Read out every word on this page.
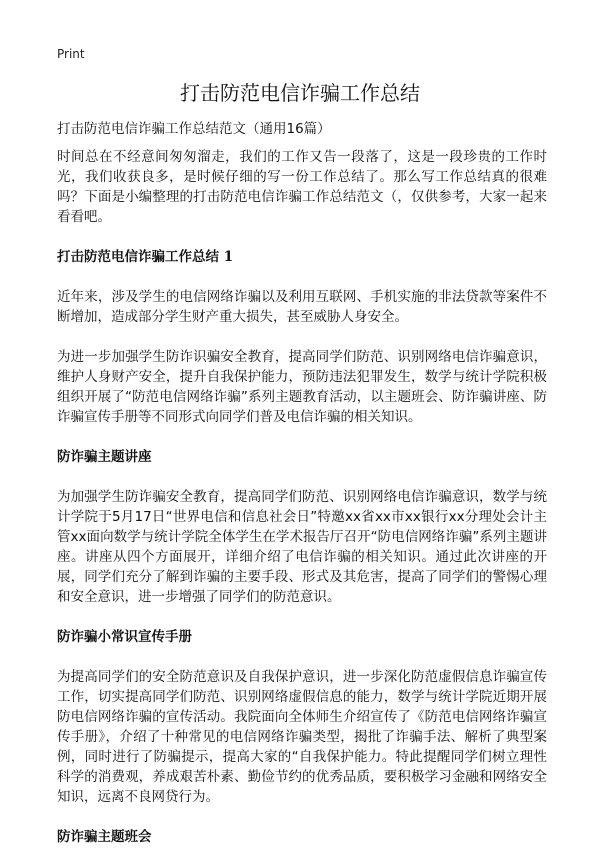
Print
打击防范电信诈骗工作总结

打击防范电信诈骗工作总结范文（通用16篇）

时间总在不经意间匆匆溜走，我们的工作又告一段落了，这是一段珍贵的工作时光，我们收获良多，是时候仔细的写一份工作总结了。那么写工作总结真的很难吗？下面是小编整理的打击防范电信诈骗工作总结范文（，仅供参考，大家一起来看看吧。

打击防范电信诈骗工作总结 1

近年来，涉及学生的电信网络诈骗以及利用互联网、手机实施的非法贷款等案件不断增加，造成部分学生财产重大损失，甚至威胁人身安全。

为进一步加强学生防诈识骗安全教育，提高同学们防范、识别网络电信诈骗意识，维护人身财产安全，提升自我保护能力，预防违法犯罪发生，数学与统计学院积极组织开展了“防范电信网络诈骗”系列主题教育活动，以主题班会、防诈骗讲座、防诈骗宣传手册等不同形式向同学们普及电信诈骗的相关知识。

防诈骗主题讲座

为加强学生防诈骗安全教育，提高同学们防范、识别网络电信诈骗意识，数学与统计学院于5月17日“世界电信和信息社会日”特邀xx省xx市xx银行xx分理处会计主管xx面向数学与统计学院全体学生在学术报告厅召开“防电信网络诈骗”系列主题讲座。讲座从四个方面展开，详细介绍了电信诈骗的相关知识。通过此次讲座的开展，同学们充分了解到诈骗的主要手段、形式及其危害，提高了同学们的警惕心理和安全意识，进一步增强了同学们的防范意识。

防诈骗小常识宣传手册

为提高同学们的安全防范意识及自我保护意识，进一步深化防范虚假信息诈骗宣传工作，切实提高同学们防范、识别网络虚假信息的能力，数学与统计学院近期开展防电信网络诈骗的宣传活动。我院面向全体师生介绍宣传了《防范电信网络诈骗宣传手册》，介绍了十种常见的电信网络诈骗类型，揭批了诈骗手法、解析了典型案例，同时进行了防骗提示，提高大家的“自我保护能力。特此提醒同学们树立理性科学的消费观，养成艰苦朴素、勤俭节约的优秀品质，要积极学习金融和网络安全知识，远离不良网贷行为。

防诈骗主题班会
